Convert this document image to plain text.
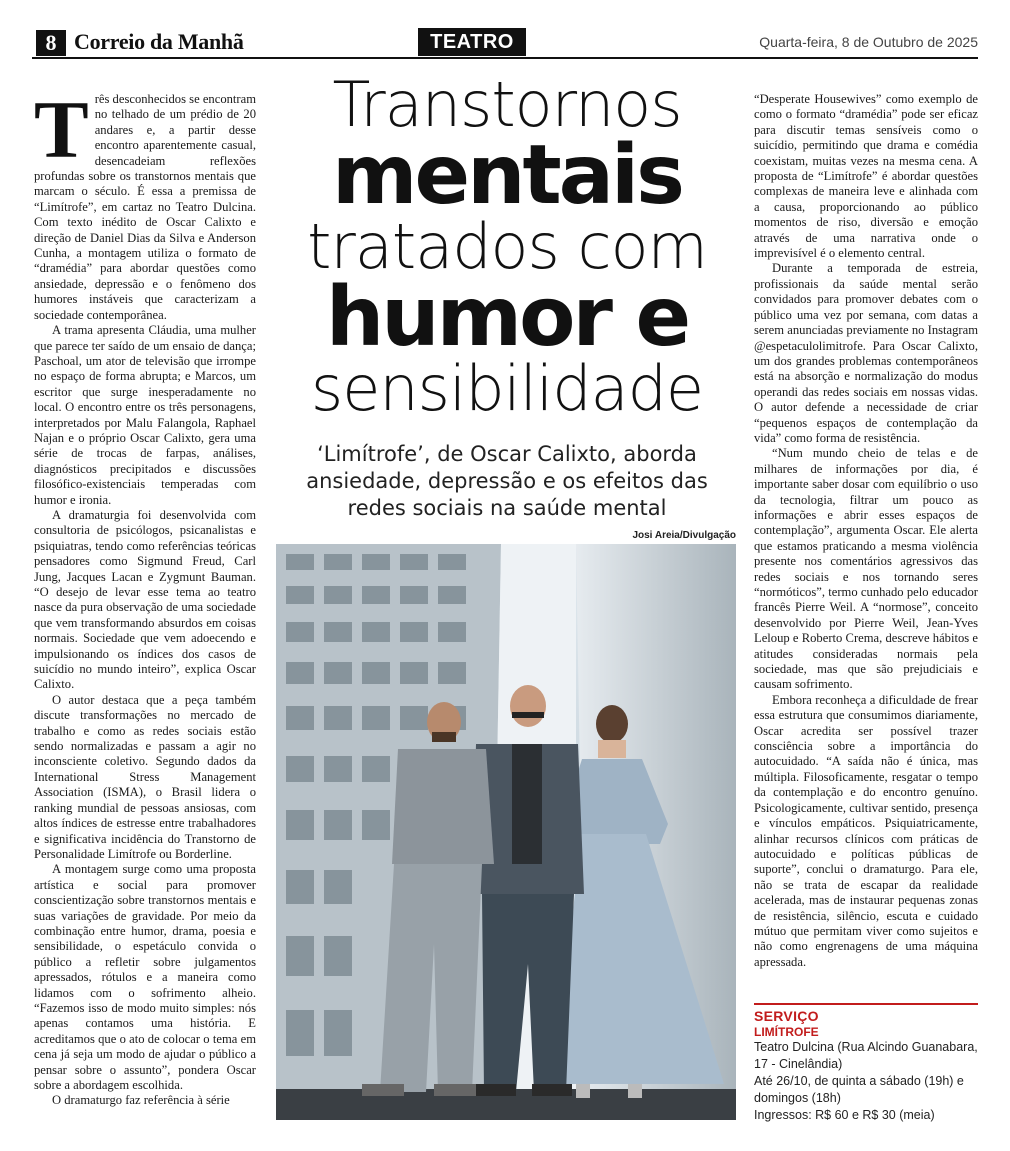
8 Correio da Manhã	TEATRO	Quarta-feira, 8 de Outubro de 2025

Três desconhecidos se encontram no telhado de um prédio de 20 andares e, a partir desse encontro aparentemente casual, desencadeiam reflexões profundas sobre os transtornos mentais que marcam o século. É essa a premissa de “Limítrofe”, em cartaz no Teatro Dulcina. Com texto inédito de Oscar Calixto e direção de Daniel Dias da Silva e Anderson Cunha, a montagem utiliza o formato de “dramédia” para abordar questões como ansiedade, depressão e o fenômeno dos humores instáveis que caracterizam a sociedade contemporânea.

A trama apresenta Cláudia, uma mulher que parece ter saído de um ensaio de dança; Paschoal, um ator de televisão que irrompe no espaço de forma abrupta; e Marcos, um escritor que surge inesperadamente no local. O encontro entre os três personagens, interpretados por Malu Falangola, Raphael Najan e o próprio Oscar Calixto, gera uma série de trocas de farpas, análises, diagnósticos precipitados e discussões filosófico-existenciais temperadas com humor e ironia.

A dramaturgia foi desenvolvida com consultoria de psicólogos, psicanalistas e psiquiatras, tendo como referências teóricas pensadores como Sigmund Freud, Carl Jung, Jacques Lacan e Zygmunt Bauman. “O desejo de levar esse tema ao teatro nasce da pura observação de uma sociedade que vem transformando absurdos em coisas normais. Sociedade que vem adoecendo e impulsionando os índices dos casos de suicídio no mundo inteiro”, explica Oscar Calixto.

O autor destaca que a peça também discute transformações no mercado de trabalho e como as redes sociais estão sendo normalizadas e passam a agir no inconsciente coletivo. Segundo dados da International Stress Management Association (ISMA), o Brasil lidera o ranking mundial de pessoas ansiosas, com altos índices de estresse entre trabalhadores e significativa incidência do Transtorno de Personalidade Limítrofe ou Borderline.

A montagem surge como uma proposta artística e social para promover conscientização sobre transtornos mentais e suas variações de gravidade. Por meio da combinação entre humor, drama, poesia e sensibilidade, o espetáculo convida o público a refletir sobre julgamentos apressados, rótulos e a maneira como lidamos com o sofrimento alheio. “Fazemos isso de modo muito simples: nós apenas contamos uma história. E acreditamos que o ato de colocar o tema em cena já seja um modo de ajudar o público a pensar sobre o assunto”, pondera Oscar sobre a abordagem escolhida.

O dramaturgo faz referência à série

Transtornos
mentais
tratados com
humor e
sensibilidade
‘Limítrofe’, de Oscar Calixto, aborda ansiedade, depressão e os efeitos das redes sociais na saúde mental
Josi Areia/Divulgação

“Desperate Housewives” como exemplo de como o formato “dramédia” pode ser eficaz para discutir temas sensíveis como o suicídio, permitindo que drama e comédia coexistam, muitas vezes na mesma cena. A proposta de “Limítrofe” é abordar questões complexas de maneira leve e alinhada com a causa, proporcionando ao público momentos de riso, diversão e emoção através de uma narrativa onde o imprevisível é o elemento central.

Durante a temporada de estreia, profissionais da saúde mental serão convidados para promover debates com o público uma vez por semana, com datas a serem anunciadas previamente no Instagram @espetaculolimitrofe. Para Oscar Calixto, um dos grandes problemas contemporâneos está na absorção e normalização do modus operandi das redes sociais em nossas vidas. O autor defende a necessidade de criar “pequenos espaços de contemplação da vida” como forma de resistência.

“Num mundo cheio de telas e de milhares de informações por dia, é importante saber dosar com equilíbrio o uso da tecnologia, filtrar um pouco as informações e abrir esses espaços de contemplação”, argumenta Oscar. Ele alerta que estamos praticando a mesma violência presente nos comentários agressivos das redes sociais e nos tornando seres “normóticos”, termo cunhado pelo educador francês Pierre Weil. A “normose”, conceito desenvolvido por Pierre Weil, Jean-Yves Leloup e Roberto Crema, descreve hábitos e atitudes consideradas normais pela sociedade, mas que são prejudiciais e causam sofrimento.

Embora reconheça a dificuldade de frear essa estrutura que consumimos diariamente, Oscar acredita ser possível trazer consciência sobre a importância do autocuidado. “A saída não é única, mas múltipla. Filosoficamente, resgatar o tempo da contemplação e do encontro genuíno. Psicologicamente, cultivar sentido, presença e vínculos empáticos. Psiquiatricamente, alinhar recursos clínicos com práticas de autocuidado e políticas públicas de suporte”, conclui o dramaturgo. Para ele, não se trata de escapar da realidade acelerada, mas de instaurar pequenas zonas de resistência, silêncio, escuta e cuidado mútuo que permitam viver como sujeitos e não como engrenagens de uma máquina apressada.

SERVIÇO
LIMÍTROFE
Teatro Dulcina (Rua Alcindo Guanabara, 17 - Cinelândia)
Até 26/10, de quinta a sábado (19h) e domingos (18h)
Ingressos: R$ 60 e R$ 30 (meia)
